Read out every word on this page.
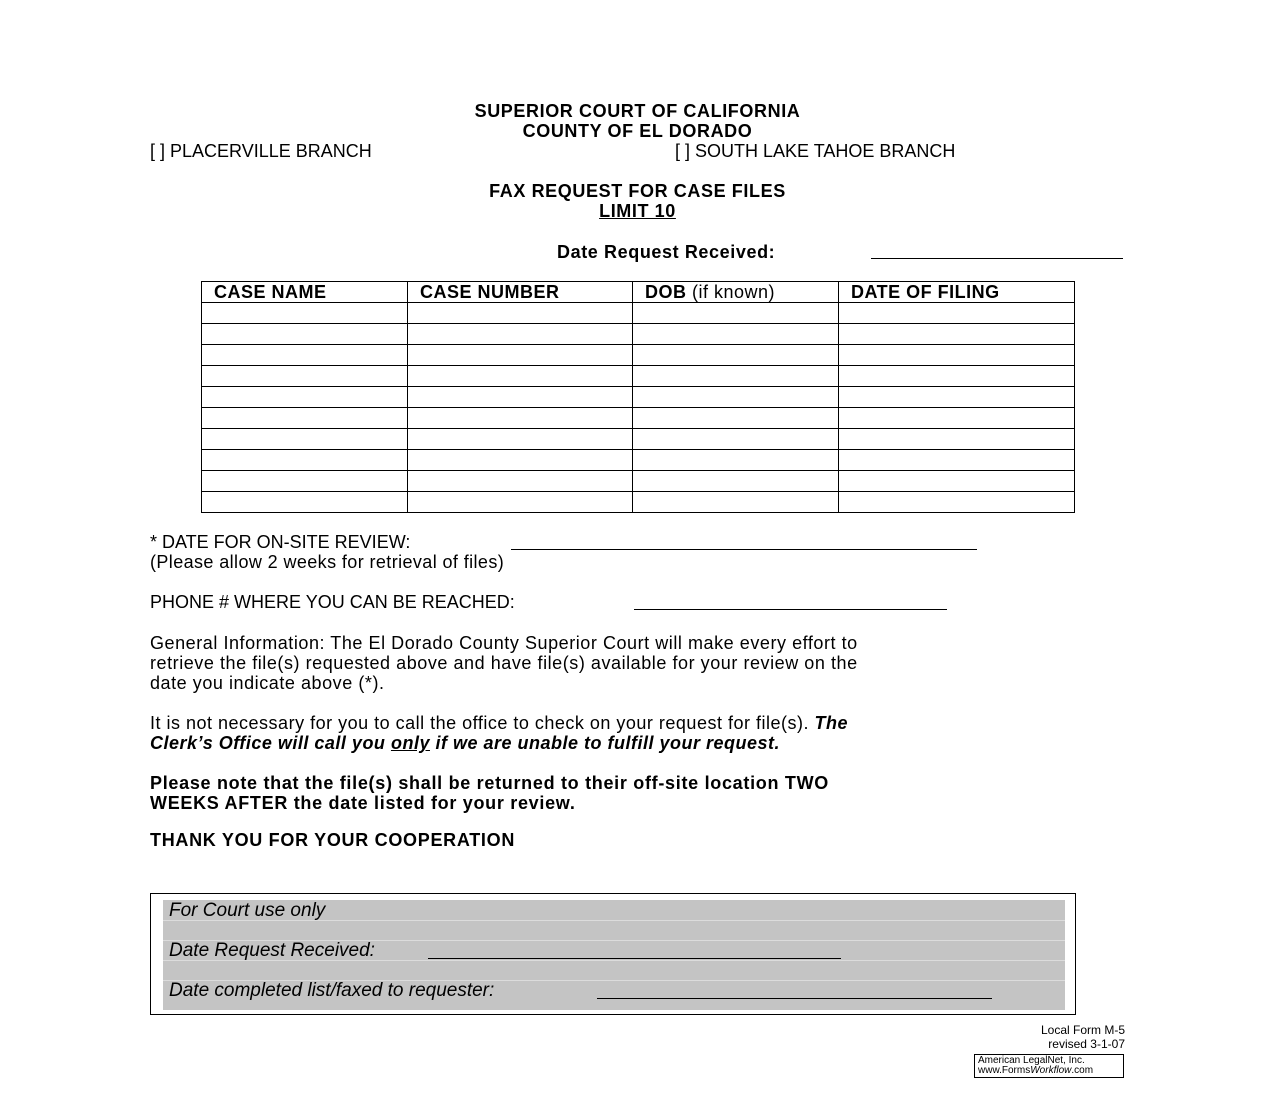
SUPERIOR COURT OF CALIFORNIA
COUNTY OF EL DORADO
[ ] PLACERVILLE BRANCH	[ ] SOUTH LAKE TAHOE BRANCH
FAX REQUEST FOR CASE FILES
LIMIT 10
Date Request Received:
CASE NAME	CASE NUMBER	DOB (if known)	DATE OF FILING

* DATE FOR ON-SITE REVIEW:
(Please allow 2 weeks for retrieval of files)
PHONE # WHERE YOU CAN BE REACHED:
General Information: The El Dorado County Superior Court will make every effort to
retrieve the file(s) requested above and have file(s) available for your review on the
date you indicate above (*).
It is not necessary for you to call the office to check on your request for file(s). The
Clerk’s Office will call you only if we are unable to fulfill your request.
Please note that the file(s) shall be returned to their off-site location TWO
WEEKS AFTER the date listed for your review.
THANK YOU FOR YOUR COOPERATION
For Court use only
Date Request Received:
Date completed list/faxed to requester:
Local Form M-5
revised 3-1-07
American LegalNet, Inc.
www.FormsWorkflow.com
